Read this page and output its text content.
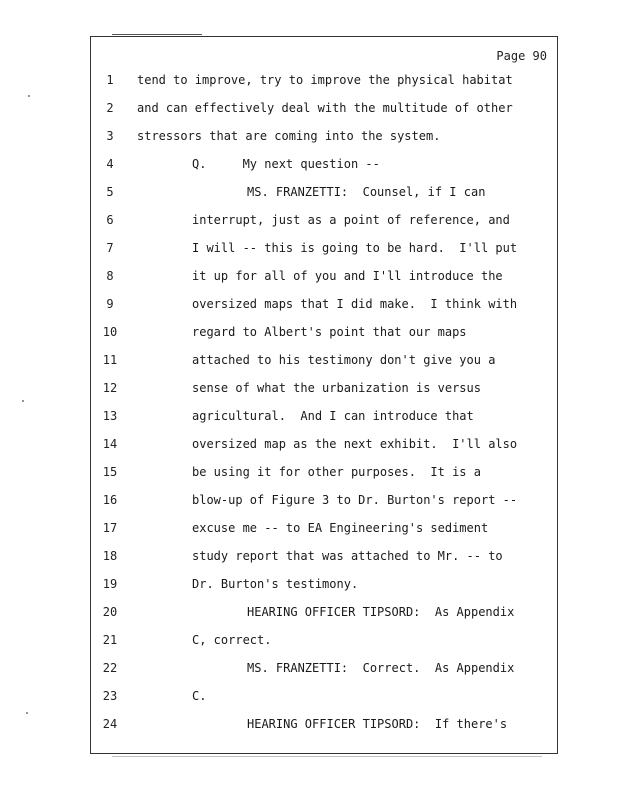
Page 90
1	tend to improve, try to improve the physical habitat
2	and can effectively deal with the multitude of other
3	stressors that are coming into the system.
4	Q.     My next question --
5	MS. FRANZETTI:  Counsel, if I can
6	interrupt, just as a point of reference, and
7	I will -- this is going to be hard.  I'll put
8	it up for all of you and I'll introduce the
9	oversized maps that I did make.  I think with
10	regard to Albert's point that our maps
11	attached to his testimony don't give you a
12	sense of what the urbanization is versus
13	agricultural.  And I can introduce that
14	oversized map as the next exhibit.  I'll also
15	be using it for other purposes.  It is a
16	blow-up of Figure 3 to Dr. Burton's report --
17	excuse me -- to EA Engineering's sediment
18	study report that was attached to Mr. -- to
19	Dr. Burton's testimony.
20	HEARING OFFICER TIPSORD:  As Appendix
21	C, correct.
22	MS. FRANZETTI:  Correct.  As Appendix
23	C.
24	HEARING OFFICER TIPSORD:  If there's
